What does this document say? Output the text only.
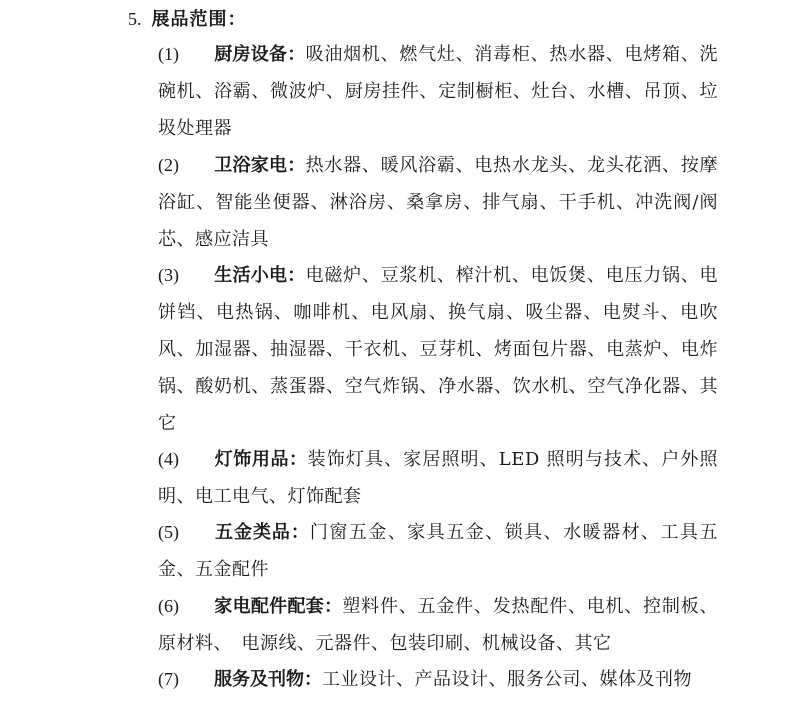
5. 展品范围：
(1) 厨房设备：吸油烟机、燃气灶、消毒柜、热水器、电烤箱、洗碗机、浴霸、微波炉、厨房挂件、定制橱柜、灶台、水槽、吊顶、垃圾处理器
(2) 卫浴家电：热水器、暖风浴霸、电热水龙头、龙头花洒、按摩浴缸、智能坐便器、淋浴房、桑拿房、排气扇、干手机、冲洗阀/阀芯、感应洁具
(3) 生活小电：电磁炉、豆浆机、榨汁机、电饭煲、电压力锅、电饼铛、电热锅、咖啡机、电风扇、换气扇、吸尘器、电熨斗、电吹风、加湿器、抽湿器、干衣机、豆芽机、烤面包片器、电蒸炉、电炸锅、酸奶机、蒸蛋器、空气炸锅、净水器、饮水机、空气净化器、其它
(4) 灯饰用品：装饰灯具、家居照明、LED 照明与技术、户外照明、电工电气、灯饰配套
(5) 五金类品：门窗五金、家具五金、锁具、水暖器材、工具五金、五金配件
(6) 家电配件配套：塑料件、五金件、发热配件、电机、控制板、原材料、　电源线、元器件、包装印刷、机械设备、其它
(7) 服务及刊物：工业设计、产品设计、服务公司、媒体及刊物
